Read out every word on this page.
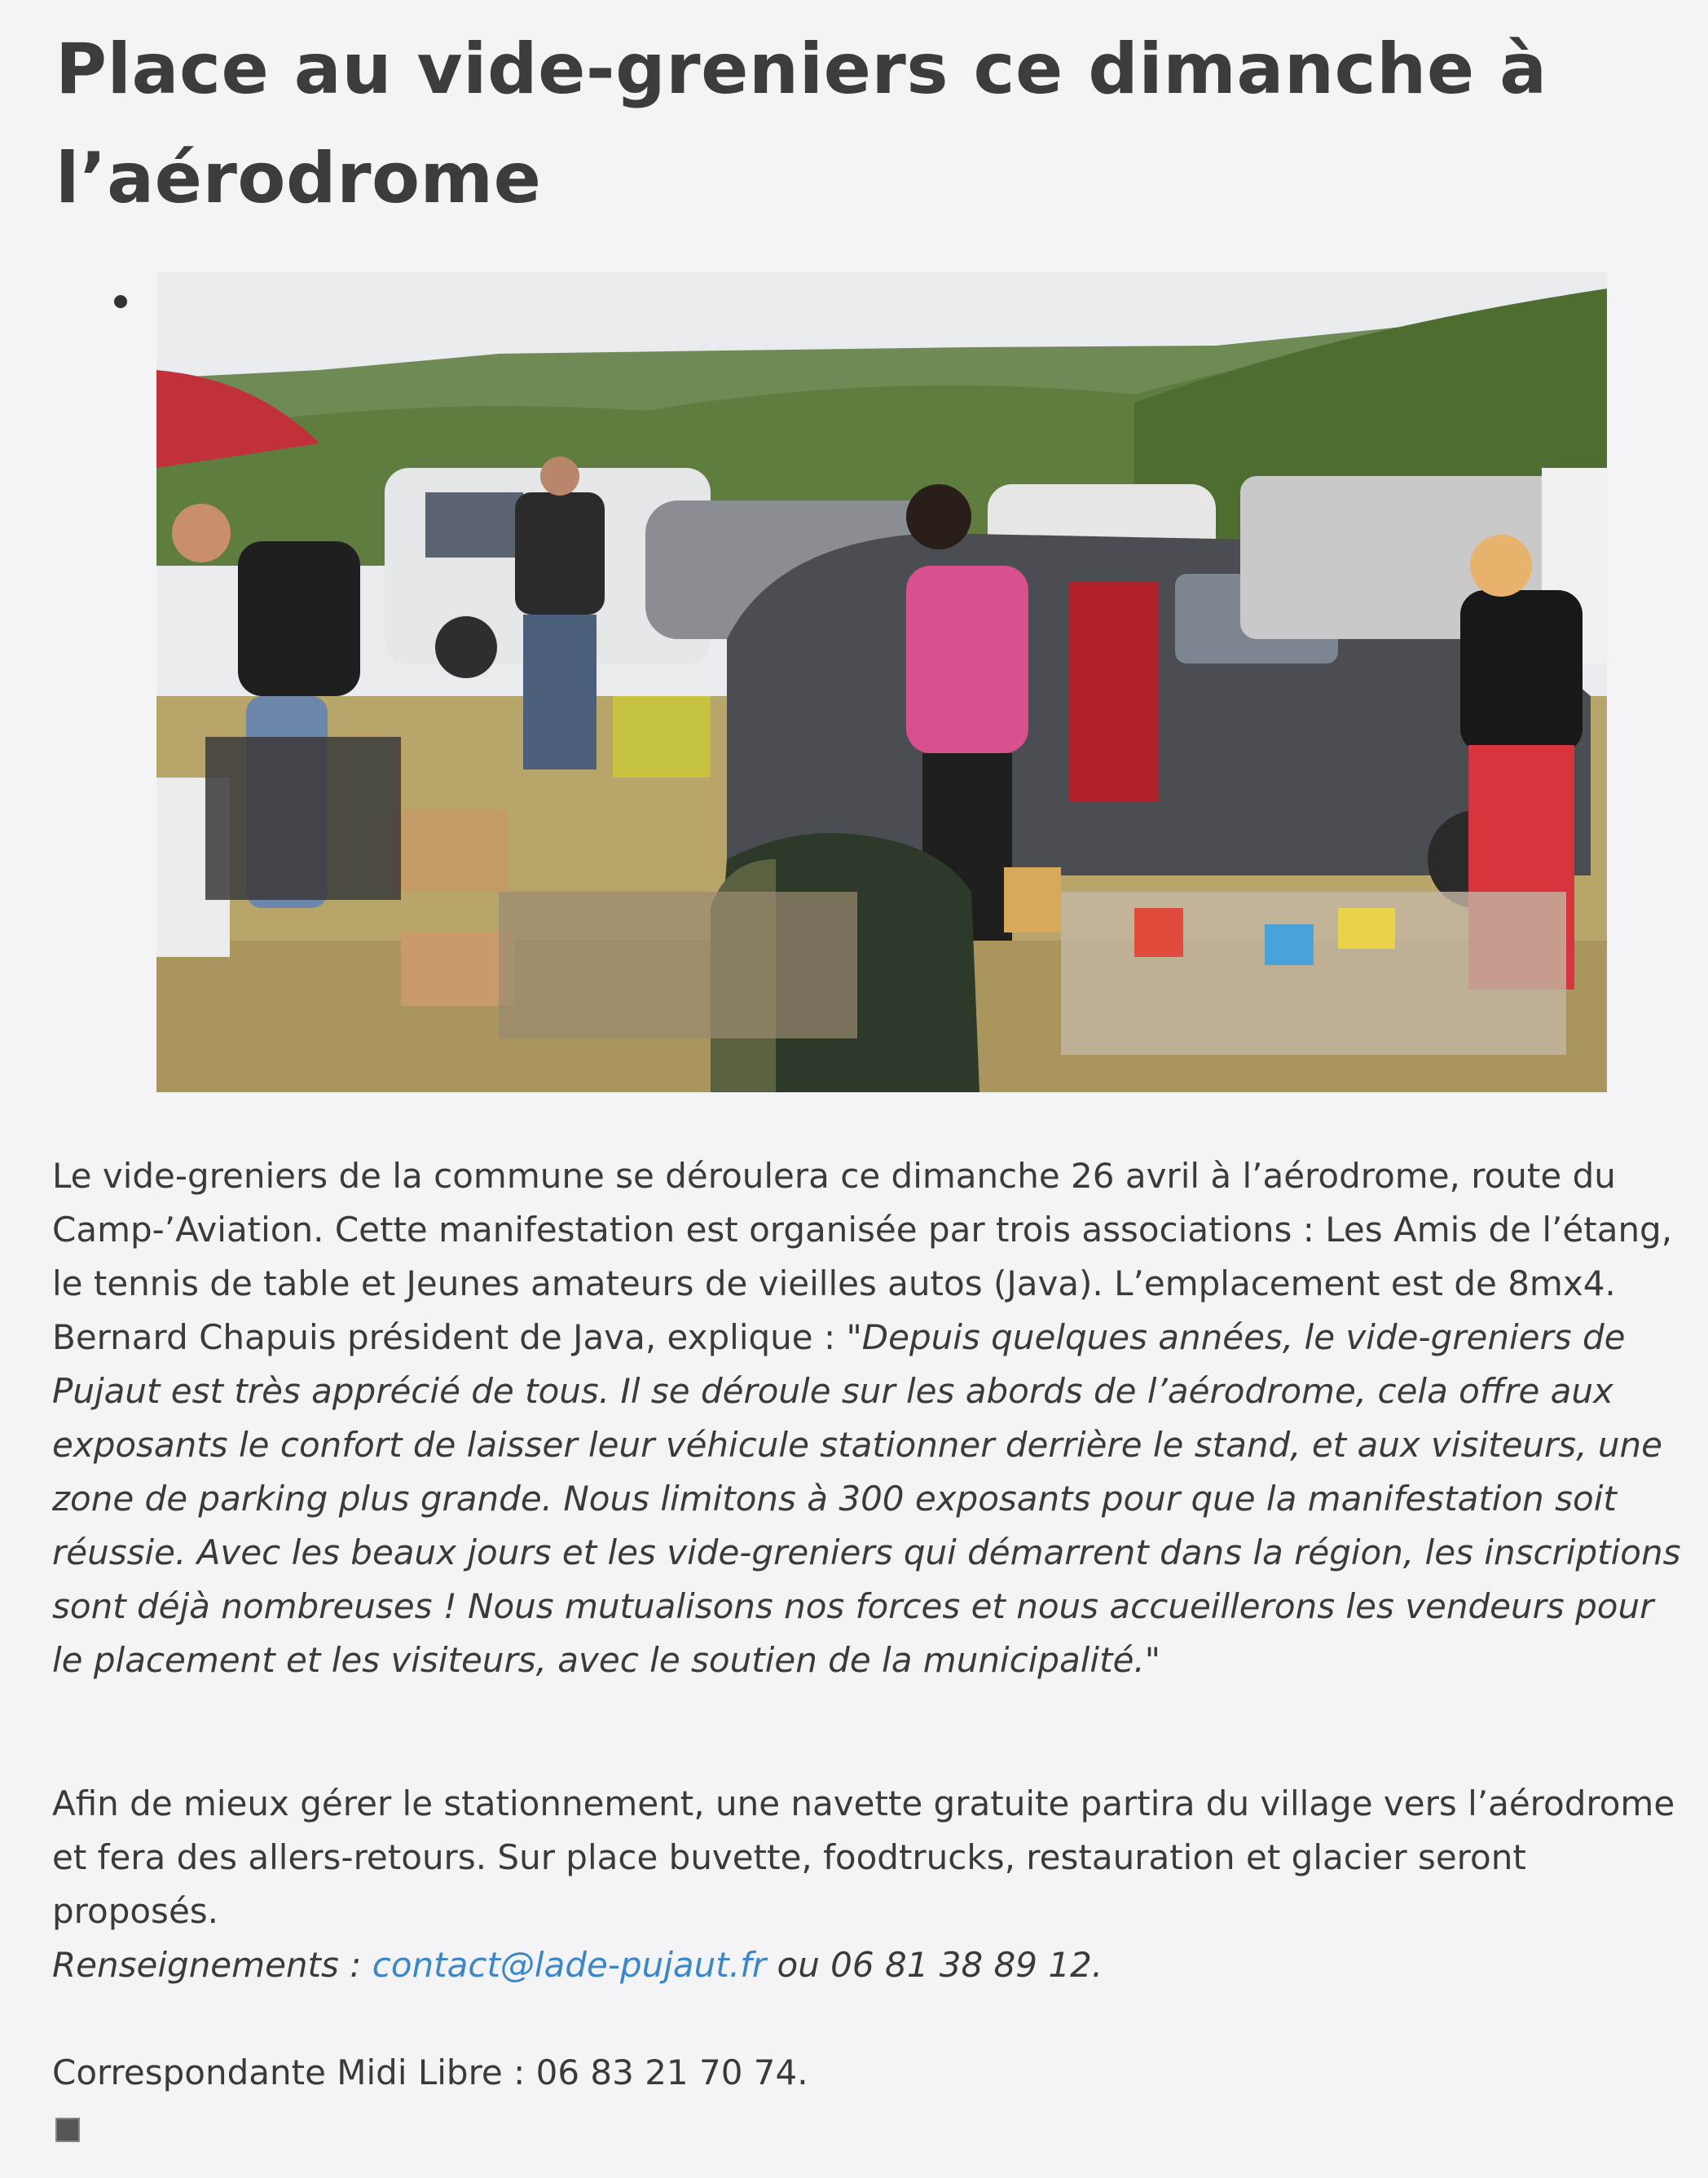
Place au vide-greniers ce dimanche à l’aérodrome

Le vide-greniers de la commune se déroulera ce dimanche 26 avril à l’aérodrome, route du Camp-’Aviation. Cette manifestation est organisée par trois associations : Les Amis de l’étang, le tennis de table et Jeunes amateurs de vieilles autos (Java). L’emplacement est de 8mx4. Bernard Chapuis président de Java, explique : "Depuis quelques années, le vide-greniers de Pujaut est très apprécié de tous. Il se déroule sur les abords de l’aérodrome, cela offre aux exposants le confort de laisser leur véhicule stationner derrière le stand, et aux visiteurs, une zone de parking plus grande. Nous limitons à 300 exposants pour que la manifestation soit réussie. Avec les beaux jours et les vide-greniers qui démarrent dans la région, les inscriptions sont déjà nombreuses ! Nous mutualisons nos forces et nous accueillerons les vendeurs pour le placement et les visiteurs, avec le soutien de la municipalité."

Afin de mieux gérer le stationnement, une navette gratuite partira du village vers l’aérodrome et fera des allers-retours. Sur place buvette, foodtrucks, restauration et glacier seront proposés.
Renseignements : contact@lade-pujaut.fr ou 06 81 38 89 12.

Correspondante Midi Libre : 06 83 21 70 74.
